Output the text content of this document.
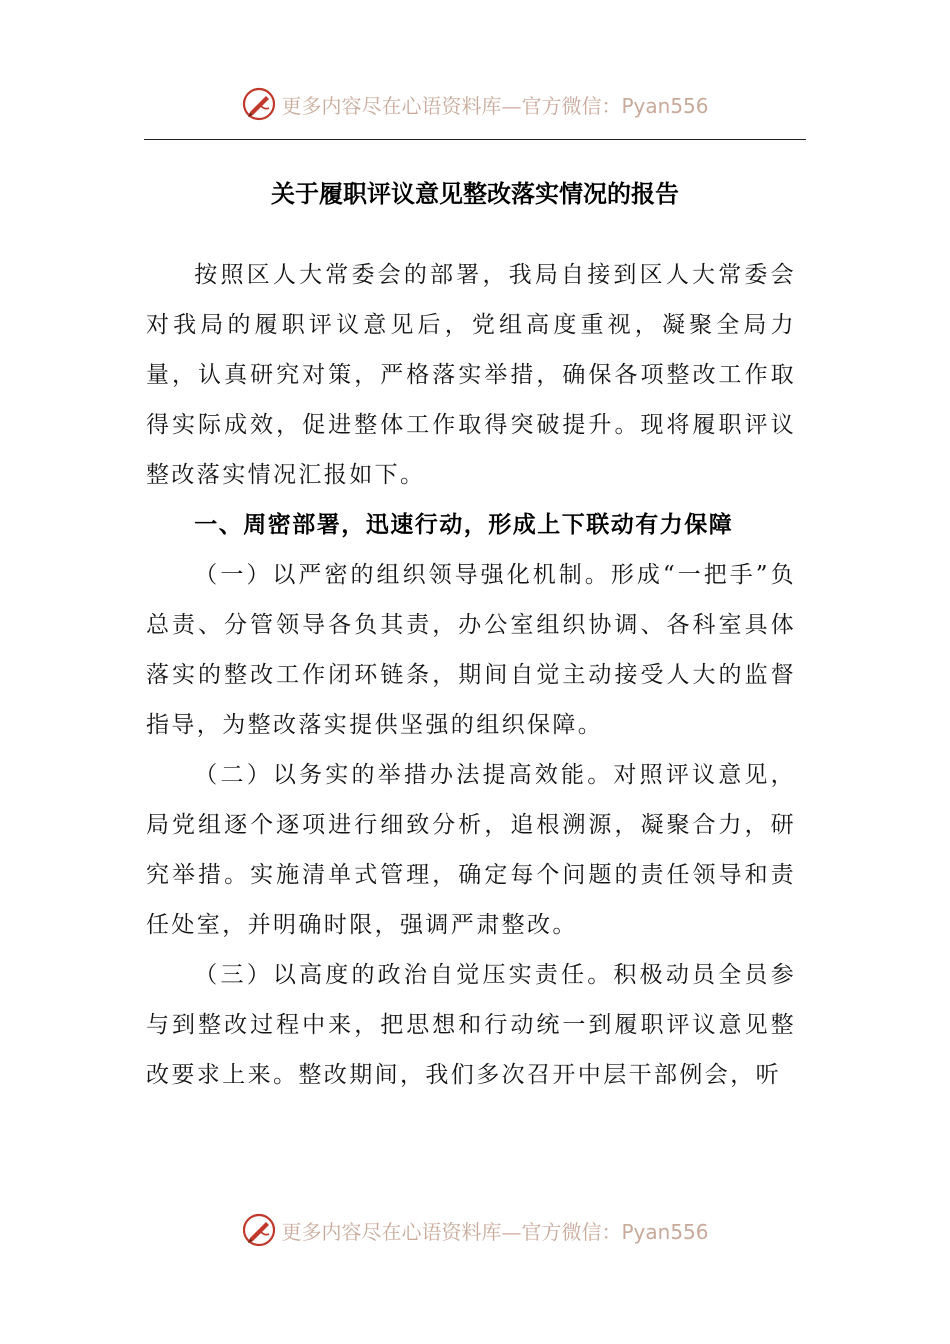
更多内容尽在心语资料库—官方微信：Pyan556
关于履职评议意见整改落实情况的报告

按照区人大常委会的部署，我局自接到区人大常委会对我局的履职评议意见后，党组高度重视，凝聚全局力量，认真研究对策，严格落实举措，确保各项整改工作取得实际成效，促进整体工作取得突破提升。现将履职评议整改落实情况汇报如下。

一、周密部署，迅速行动，形成上下联动有力保障

（一）以严密的组织领导强化机制。形成“一把手”负总责、分管领导各负其责，办公室组织协调、各科室具体落实的整改工作闭环链条，期间自觉主动接受人大的监督指导，为整改落实提供坚强的组织保障。

（二）以务实的举措办法提高效能。对照评议意见，局党组逐个逐项进行细致分析，追根溯源，凝聚合力，研究举措。实施清单式管理，确定每个问题的责任领导和责任处室，并明确时限，强调严肃整改。

（三）以高度的政治自觉压实责任。积极动员全员参与到整改过程中来，把思想和行动统一到履职评议意见整改要求上来。整改期间，我们多次召开中层干部例会，听

更多内容尽在心语资料库—官方微信：Pyan556
